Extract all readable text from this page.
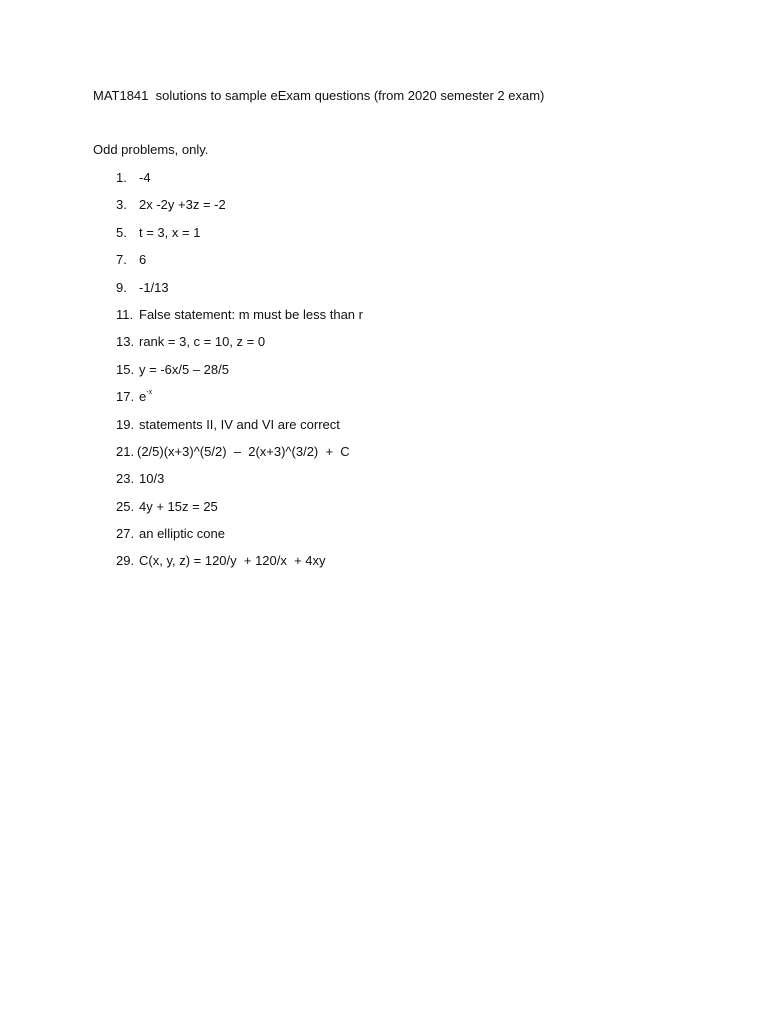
MAT1841  solutions to sample eExam questions (from 2020 semester 2 exam)
Odd problems, only.

1.

-4

3.

2x -2y +3z = -2

5.

t = 3, x = 1

7.

6

9.

-1/13

11.

False statement: m must be less than r

13.

rank = 3, c = 10, z = 0

15.

y = -6x/5 – 28/5

17.

$e^{-x}$

19.

statements II, IV and VI are correct

21.

(2/5)(x+3)^(5/2)  –  2(x+3)^(3/2)  +  C

23.

10/3

25.

4y + 15z = 25

27.

an elliptic cone

29.

C(x, y, z) = 120/y  + 120/x  + 4xy
